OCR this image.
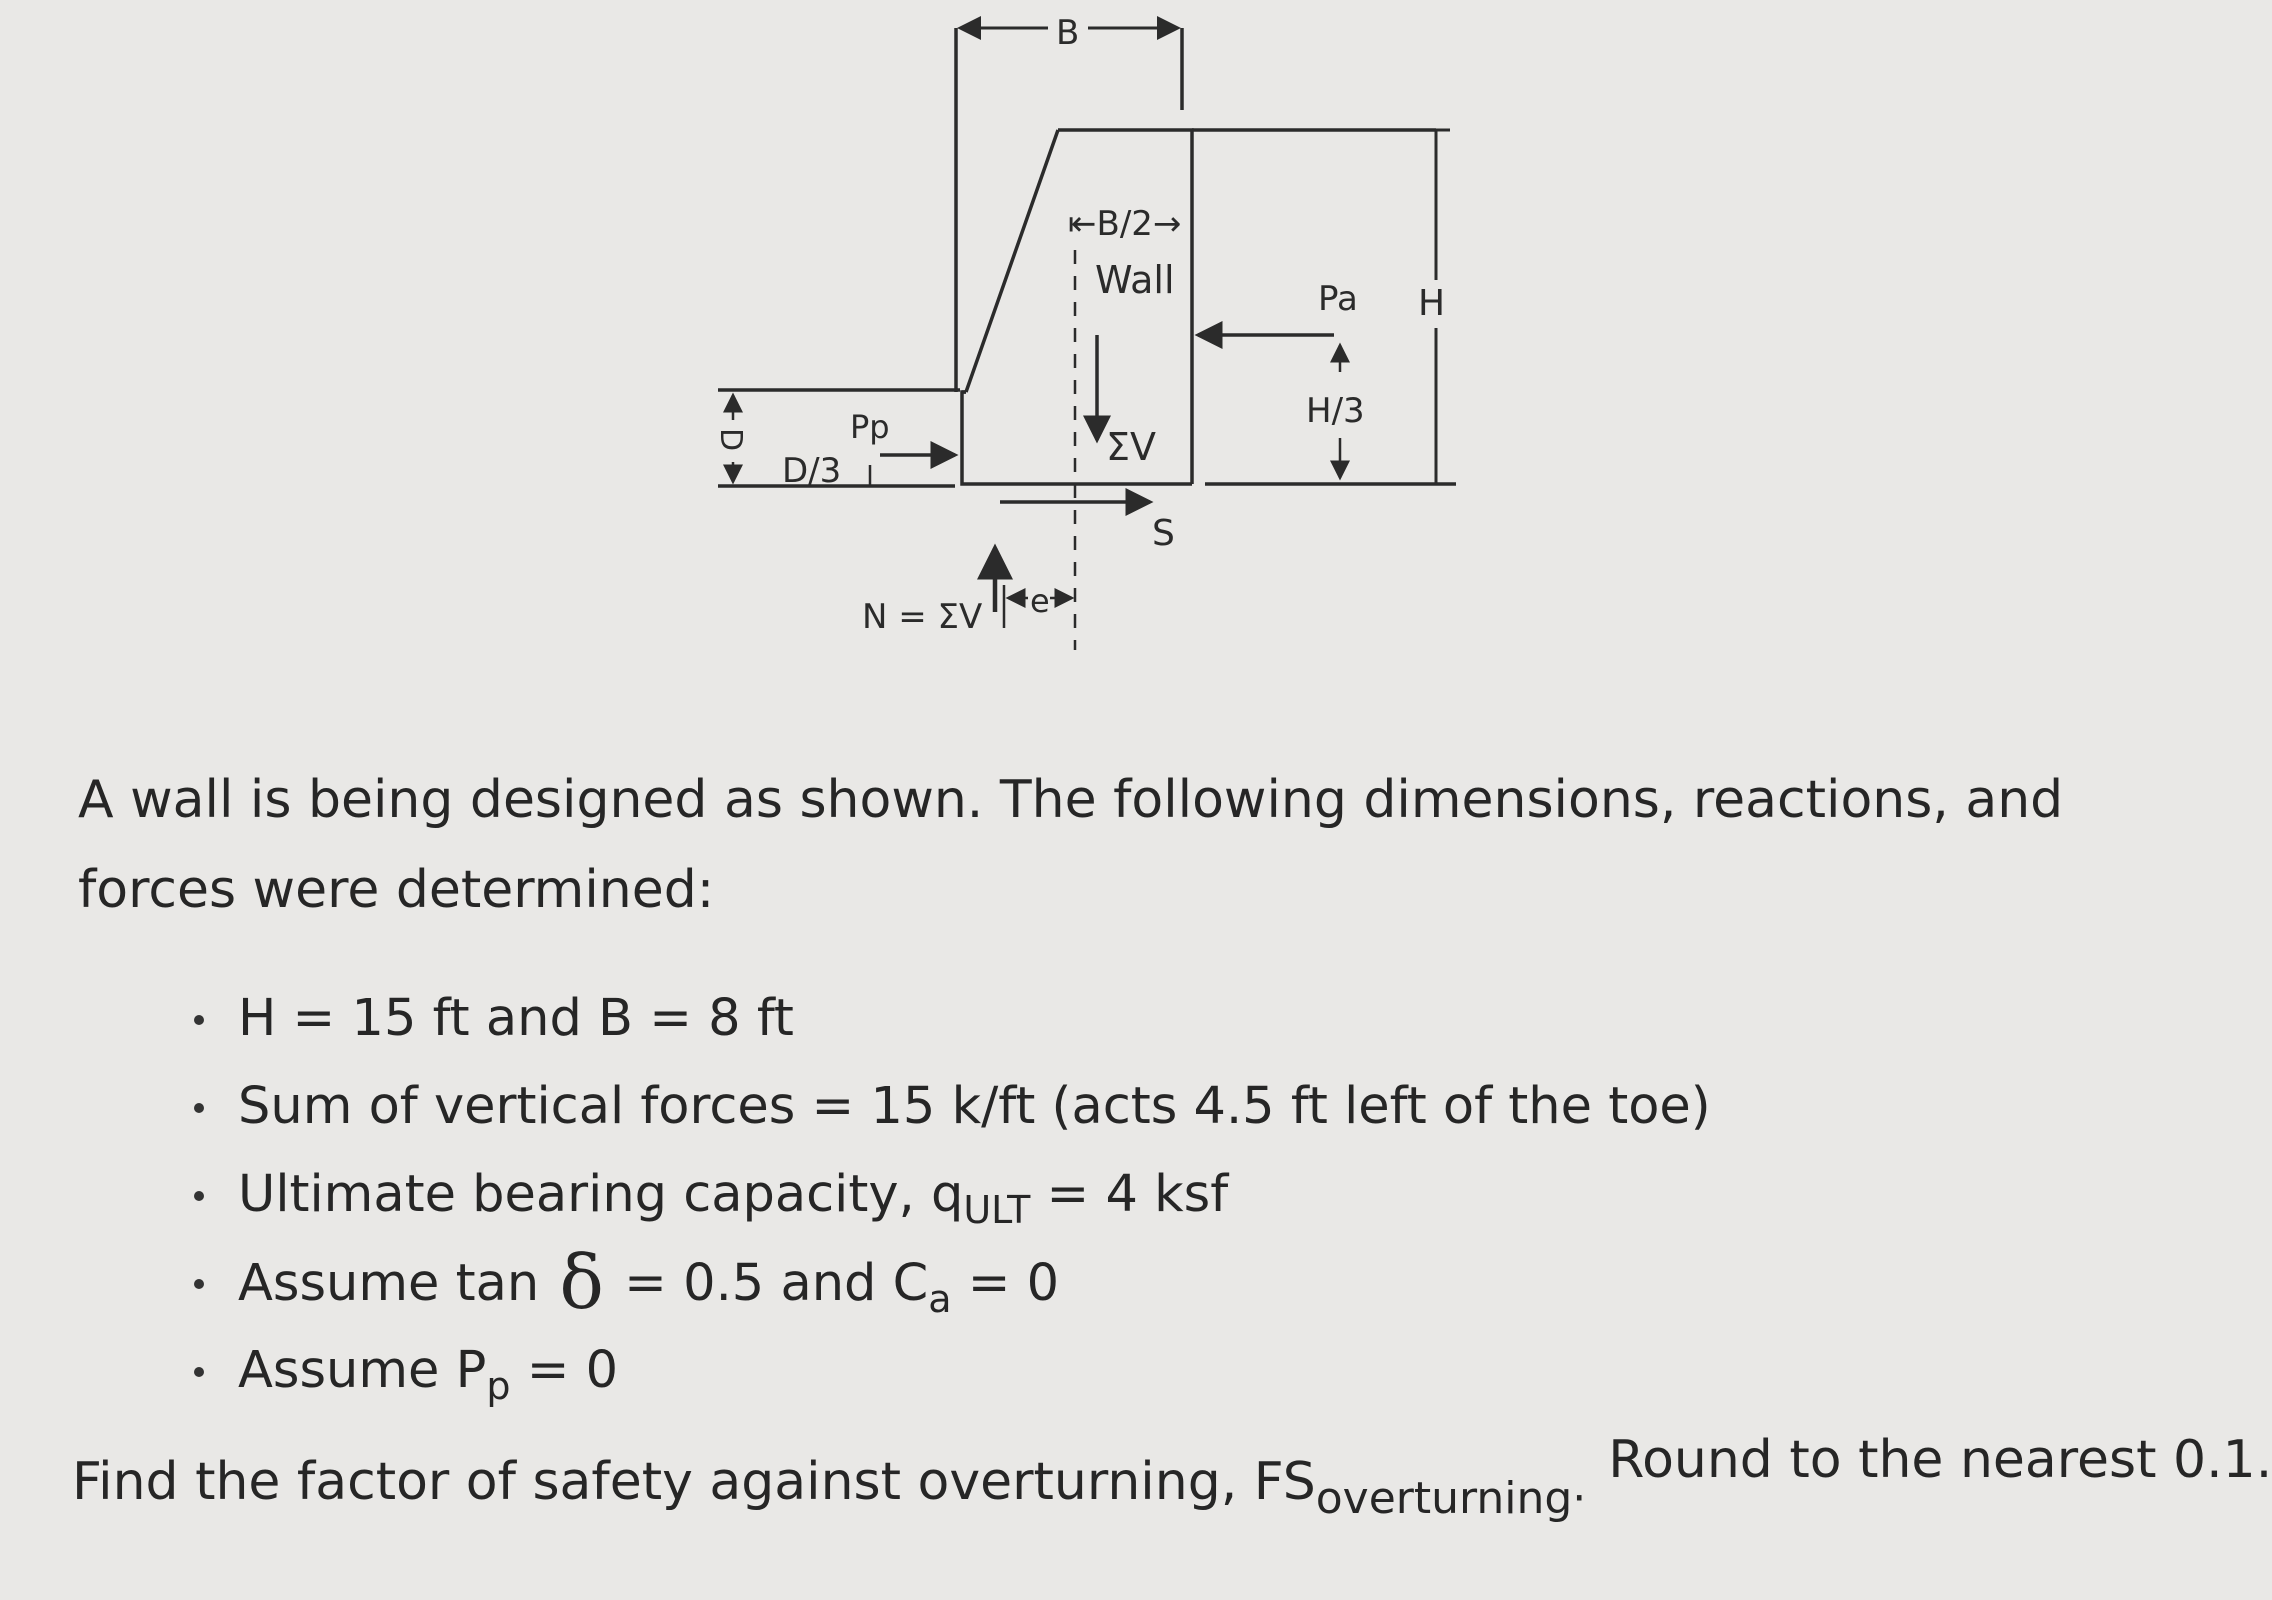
B
⇤B/2→
Wall
ΣV
S
N = ΣV e
Pa
H/3
H
D	Pp
D/3

A wall is being designed as shown. The following dimensions, reactions, and forces were determined:

H = 15 ft and B = 8 ft
Sum of vertical forces = 15 k/ft (acts 4.5 ft left of the toe)
Ultimate bearing capacity, $q_{ULT} = 4$ ksf
Assume tan δ = 0.5 and $C_a = 0$
Assume $P_p = 0$

Find the factor of safety against overturning, $FS_{overturning\cdot}Round$ to the nearest 0.1.
